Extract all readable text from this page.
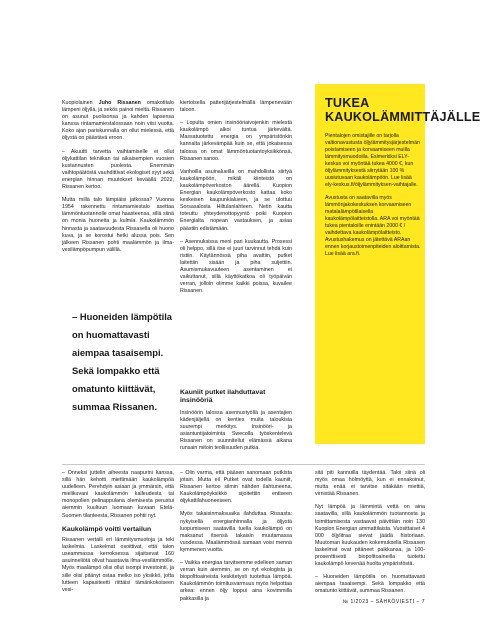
Kuopiolainen Juho Rissanen omakotitalo lämpeni öljyllä, ja sekös painoi mieltä. Rissanen on asunut puolisonsa ja kahden lapsensa kanssa rintamamiestalossaan noin viisi vuotta. Koko ajan pariskunnalla on ollut mielessä, että öljystä on päästävä eroon.

– Akuutti tarvetta vaihtamiselle ei ollut öljykattilan tekniikan tai aikaisempien vuosien kustannusten puolesta. Enemmän vaihtopäätöstä vauhdittivat ekologiset syyt sekä energian hinnan muutokset keväällä 2022, Rissanen kertoo.

Mutta millä talo lämpiäisi jatkossa? Vuonna 1954 rakennettu rintamamiestalo asettaa lämmöntuotannolle omat haasteensa, sillä siinä on monia huoneita ja kulmia. Kaukolämmön hinnasta ja saatavuudesta Rissasella oli huono kuva, ja se korostui hetki alussa pois. Sen jälkeen Rissanen pohti maalämmön ja ilma-vesilämpöpumpun välillä.

– Huoneiden lämpötila on huomattavasti aiempaa tasaisempi. Sekä lompakko että omatunto kiittävät, summaa Rissanen.

kiertoisella patterijärjestelmällä lämpenevään taloon.

– Lopulta omien insinööriaivojenkin mielestä kaukolämpö alkoi tuntua järkevältä. Massatuotettu energia on ympäristönkin kannalta järkevämpää kuin se, että jokaisessa talossa on omat lämmöntuotantoyksikkönsä, Rissanen sanoo.

Vanhoilla asuinalueilla on mahdollista siirtyä kaukolämpöön, mikäli kiinteistö on kaukolämpöverkoston äärellä. Kuopion Energian kaukolämpöverkosto kattaa koko keskeisen kaupunkialueen, ja se ulottuu Sorsasalosta Hiltulanlahteen. Netin kautta toteuttu yhteydenottopyyntö poiki Kuopion Energialta nopean vastauksen, ja asiaa päästiin edistämään.

– Asennuksissa meni pari kuukautta. Prosessi oli helppo, sillä itse ei juuri tarvinnut tehdä kuin ristiin. Käytännössä piha avattiin, putket laitettiin sisään ja piha suljettiin. Asumismukavuuteen asentaminen ei vaikuttanut, sillä käyttökatkoa oli työpäivän verran, jolloin olimme kaikki poissa, kuvailee Rissanen.

Kauniit putket ilahduttavat insinööriä

Insinöörin talossa asennustyöllä ja asentajien kädenjäljellä on kenties muita taloukisia suurempi merkitys. Insinööri- ja asiantuntijatoiminta Swecolla työskentelevä Rissanen on suunnitellut elämässä aikana runsain mitoin teollisuuden putkia.

TUKEA KAUKOLÄMMITTÄJÄLLE

Pientalojen omistajille on tarjolla valtionavustusta öljylämmitysjärjestelmän poistamiseen ja korvaamiseen muilla lämmitysmuodoilla. Esimerkiksi ELY-keskus voi myöntää tukea 4000 €, kun öljylämmityksestä siirrytään 100 % uusiutuvaan kaukolämpöön. Lue lisää ely-keskus.fi/öljylämmityksen-vaihtajalle.

Avustusta on saatavilla myös lämmönjakokeskuksen korvaamiseen matalalämpötilaisella kaukolämpölaitteistolla. ARA voi myöntää tukea pientaloille enintään 2000 € / vaihdettava kaukolämpölaitteisto. Avustushakemus on jätettävä ARAan ennen korjaustoimenpiteiden aloittamista. Lue lisää ara.fi.

– Onneksi juttelin aiheesta naapurini kanssa, sillä hän kehotti miettimään kaukolämpöä uudelleen. Perehdyin asiaan ja ymmärsin, että mielikuvani kaukolämmön kalleudesta tai monopolien pelinappulana olemisesta perustui aiemmin kuultuun luomaan kuvaan Etelä-Suomen tilanteesta, Rissanen pohtii nyt.

Kaukolämpö voitti vertailun

Rissanen vertaili eri lämmitysmuotoja ja teki laskelmia. Laskelmat osoittivat, että talon useammassa kerroksessa sijaitsevat 160 asuinneliötä olivat haastavia ilma-vesilämmölle. Myös maalämpö olisi ollut isompi investointi, ja sille olisi pitänyt ostaa melko iso yksikkö, jotta lutteen kapasiteetti riittäisi tämänkokoiseen vesi-

– Olin varma, että pääsen sanomaan putkista jotain. Mutta eil Putket ovat todella kauniit, Rissanen kertoo silmin nähden ilahtuneena. Kaukolämpöyksikkö sijoitettiin entiseen öljykattilahuoneeseen.

Myös takaisinmaksuaika ilahduttaa Rissasta: nykyisellä energianhinnalla ja öljystä luopumiseen saatavilla tuella kaukolämpö on maksanut itsensä takaisin muutamassa vuodessa. Maalämmössä samaan voisi mennä kymmenen vuotta.

– Vaikka energiaa tarvitsemme edelleen saman verran kuin aiemmin, se on nyt ekologista ja biopolttoaineista keskitetysti tuotettua lämpöä. Kaukolämmön toimitusvarmuus myös helpottaa arkea: ennen öljy loppui aina kovimmilla pakkasilla ja

sitä piti kannuilla täydentää. Taloi siinä oli myös omaa hölmöyttä, kun ei ennakoinut, mutta enää ei tarvitse sitäkään miettiä, virnistää Rissanen.

Nyt lämpöä ja lämmintä vettä on aina saatavilla, sillä kaukolämmön tuotannosta ja toimittamisesta vastaavat päivittäin noin 130 Kuopion Energian ammattilaista. Vuosittaiset 4 000 öljylitraa sievat jäädä historiaan. Muutoman kuukauden kokemuksella Rissasen laskelmat ovat pitäneet paikkansa, ja 100-prosenttisesti biopolttoaineilla tuotettu kaukolämpö kevenää huolta ympäristöstä.

– Huoneiden lämpötila on huomattavasti aiempaa tasaisempi. Sekä lompakko että omatunto kiittävät, summaa Rissanen.

№ 1/2023 – SÄHKÖVIESTI – 7
